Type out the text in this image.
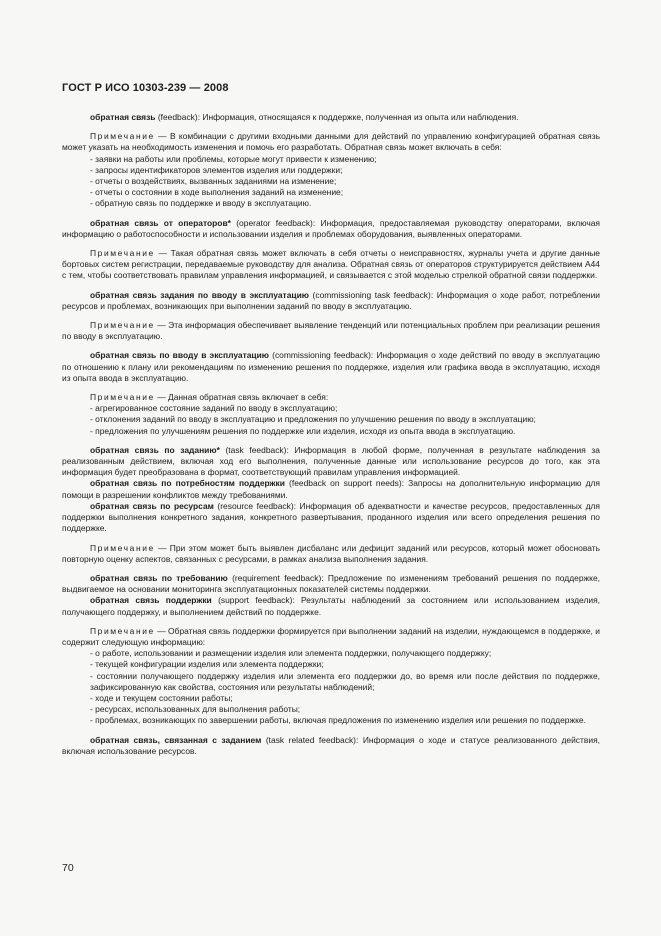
ГОСТ Р ИСО 10303-239 — 2008

обратная связь (feedback): Информация, относящаяся к поддержке, полученная из опыта или наблюдения.

Примечание — В комбинации с другими входными данными для действий по управлению конфигурацией обратная связь может указать на необходимость изменения и помочь его разработать. Обратная связь может включать в себя:

- заявки на работы или проблемы, которые могут привести к изменению;

- запросы идентификаторов элементов изделия или поддержки;

- отчеты о воздействиях, вызванных заданиями на изменение;

- отчеты о состоянии в ходе выполнения заданий на изменение;

- обратную связь по поддержке и вводу в эксплуатацию.

обратная связь от операторов* (operator feedback): Информация, предоставляемая руководству операторами, включая информацию о работоспособности и использовании изделия и проблемах оборудования, выявленных операторами.

Примечание — Такая обратная связь может включать в себя отчеты о неисправностях, журналы учета и другие данные бортовых систем регистрации, передаваемые руководству для анализа. Обратная связь от операторов структурируется действием А44 с тем, чтобы соответствовать правилам управления информацией, и связывается с этой моделью стрелкой обратной связи поддержки.

обратная связь задания по вводу в эксплуатацию (commissioning task feedback): Информация о ходе работ, потреблении ресурсов и проблемах, возникающих при выполнении заданий по вводу в эксплуатацию.

Примечание — Эта информация обеспечивает выявление тенденций или потенциальных проблем при реализации решения по вводу в эксплуатацию.

обратная связь по вводу в эксплуатацию (commissioning feedback): Информация о ходе действий по вводу в эксплуатацию по отношению к плану или рекомендациям по изменению решения по поддержке, изделия или графика ввода в эксплуатацию, исходя из опыта ввода в эксплуатацию.

Примечание — Данная обратная связь включает в себя:

- агрегированное состояние заданий по вводу в эксплуатацию;

- отклонения заданий по вводу в эксплуатацию и предложения по улучшению решения по вводу в эксплуатацию;

- предложения по улучшениям решения по поддержке или изделия, исходя из опыта ввода в эксплуатацию.

обратная связь по заданию* (task feedback): Информация в любой форме, полученная в результате наблюдения за реализованным действием, включая ход его выполнения, полученные данные или использование ресурсов до того, как эта информация будет преобразована в формат, соответствующий правилам управления информацией.

обратная связь по потребностям поддержки (feedback on support needs): Запросы на дополнительную информацию для помощи в разрешении конфликтов между требованиями.

обратная связь по ресурсам (resource feedback): Информация об адекватности и качестве ресурсов, предоставленных для поддержки выполнения конкретного задания, конкретного развертывания, проданного изделия или всего определения решения по поддержке.

Примечание — При этом может быть выявлен дисбаланс или дефицит заданий или ресурсов, который может обосновать повторную оценку аспектов, связанных с ресурсами, в рамках анализа выполнения задания.

обратная связь по требованию (requirement feedback): Предложение по изменениям требований решения по поддержке, выдвигаемое на основании мониторинга эксплуатационных показателей системы поддержки.

обратная связь поддержки (support feedback): Результаты наблюдений за состоянием или использованием изделия, получающего поддержку, и выполнением действий по поддержке.

Примечание — Обратная связь поддержки формируется при выполнении заданий на изделии, нуждающемся в поддержке, и содержит следующую информацию:

- о работе, использовании и размещении изделия или элемента поддержки, получающего поддержку;

- текущей конфигурации изделия или элемента поддержки;

- состоянии получающего поддержку изделия или элемента его поддержки до, во время или после действия по поддержке, зафиксированную как свойства, состояния или результаты наблюдений;

- ходе и текущем состоянии работы;

- ресурсах, использованных для выполнения работы;

- проблемах, возникающих по завершении работы, включая предложения по изменению изделия или решения по поддержке.

обратная связь, связанная с заданием (task related feedback): Информация о ходе и статусе реализованного действия, включая использование ресурсов.

70
